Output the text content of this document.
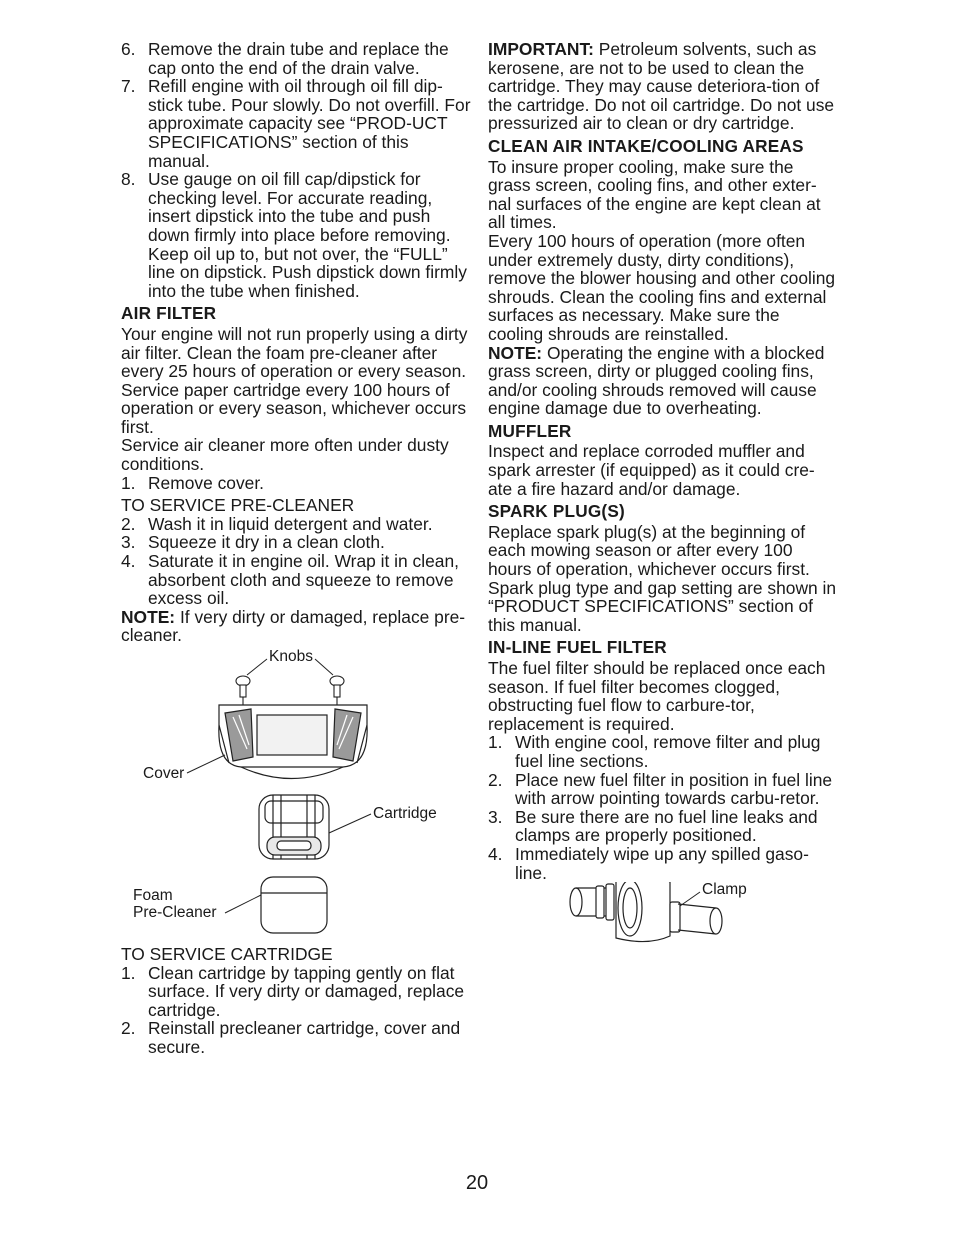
6. Remove the drain tube and replace the cap onto the end of the drain valve.
7. Refill engine with oil through oil fill dip-stick tube. Pour slowly. Do not overfill. For approximate capacity see “PROD-UCT SPECIFICATIONS” section of this manual.
8. Use gauge on oil fill cap/dipstick for checking level. For accurate reading, insert dipstick into the tube and push down firmly into place before removing. Keep oil up to, but not over, the “FULL” line on dipstick. Push dipstick down firmly into the tube when finished.

AIR FILTER

Your engine will not run properly using a dirty air filter. Clean the foam pre-cleaner after every 25 hours of operation or every season. Service paper cartridge every 100 hours of operation or every season, whichever occurs first.

Service air cleaner more often under dusty conditions.

1. Remove cover.

TO SERVICE PRE-CLEANER

2. Wash it in liquid detergent and water.
3. Squeeze it dry in a clean cloth.
4. Saturate it in engine oil. Wrap it in clean, absorbent cloth and squeeze to remove excess oil.

NOTE: If very dirty or damaged, replace pre-cleaner.

Knobs
Cover
Cartridge
Foam
Pre-Cleaner

TO SERVICE CARTRIDGE

1. Clean cartridge by tapping gently on flat surface. If very dirty or damaged, replace cartridge.
2. Reinstall precleaner cartridge, cover and secure.

IMPORTANT: Petroleum solvents, such as kerosene, are not to be used to clean the cartridge. They may cause deteriora-tion of the cartridge. Do not oil cartridge. Do not use pressurized air to clean or dry cartridge.

CLEAN AIR INTAKE/COOLING AREAS

To insure proper cooling, make sure the grass screen, cooling fins, and other exter-nal surfaces of the engine are kept clean at all times.

Every 100 hours of operation (more often under extremely dusty, dirty conditions), remove the blower housing and other cooling shrouds. Clean the cooling fins and external surfaces as necessary. Make sure the cooling shrouds are reinstalled.

NOTE: Operating the engine with a blocked grass screen, dirty or plugged cooling fins, and/or cooling shrouds removed will cause engine damage due to overheating.

MUFFLER

Inspect and replace corroded muffler and spark arrester (if equipped) as it could cre-ate a fire hazard and/or damage.

SPARK PLUG(S)

Replace spark plug(s) at the beginning of each mowing season or after every 100 hours of operation, whichever occurs first. Spark plug type and gap setting are shown in “PRODUCT SPECIFICATIONS” section of this manual.

IN-LINE FUEL FILTER

The fuel filter should be replaced once each season. If fuel filter becomes clogged, obstructing fuel flow to carbure-tor, replacement is required.

1. With engine cool, remove filter and plug fuel line sections.
2. Place new fuel filter in position in fuel line with arrow pointing towards carbu-retor.
3. Be sure there are no fuel line leaks and clamps are properly positioned.
4. Immediately wipe up any spilled gaso-line.
Clamp
20
